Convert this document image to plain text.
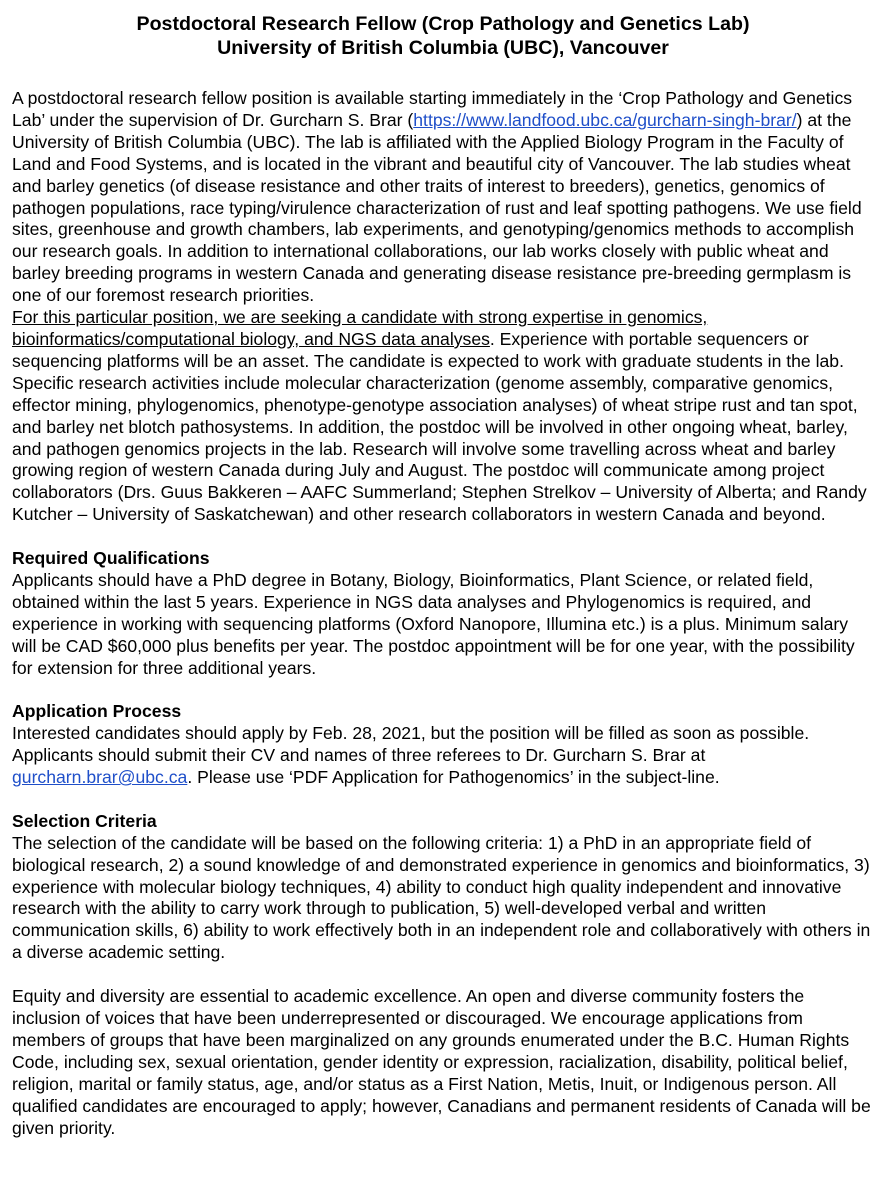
Postdoctoral Research Fellow (Crop Pathology and Genetics Lab)

University of British Columbia (UBC), Vancouver

A postdoctoral research fellow position is available starting immediately in the ‘Crop Pathology and Genetics Lab’ under the supervision of Dr. Gurcharn S. Brar (https://www.landfood.ubc.ca/gurcharn-singh-brar/) at the University of British Columbia (UBC). The lab is affiliated with the Applied Biology Program in the Faculty of Land and Food Systems, and is located in the vibrant and beautiful city of Vancouver. The lab studies wheat and barley genetics (of disease resistance and other traits of interest to breeders), genetics, genomics of pathogen populations, race typing/virulence characterization of rust and leaf spotting pathogens. We use field sites, greenhouse and growth chambers, lab experiments, and genotyping/genomics methods to accomplish our research goals. In addition to international collaborations, our lab works closely with public wheat and barley breeding programs in western Canada and generating disease resistance pre-breeding germplasm is one of our foremost research priorities.

For this particular position, we are seeking a candidate with strong expertise in genomics, bioinformatics/computational biology, and NGS data analyses. Experience with portable sequencers or sequencing platforms will be an asset. The candidate is expected to work with graduate students in the lab. Specific research activities include molecular characterization (genome assembly, comparative genomics, effector mining, phylogenomics, phenotype-genotype association analyses) of wheat stripe rust and tan spot, and barley net blotch pathosystems. In addition, the postdoc will be involved in other ongoing wheat, barley, and pathogen genomics projects in the lab. Research will involve some travelling across wheat and barley growing region of western Canada during July and August. The postdoc will communicate among project collaborators (Drs. Guus Bakkeren – AAFC Summerland; Stephen Strelkov – University of Alberta; and Randy Kutcher – University of Saskatchewan) and other research collaborators in western Canada and beyond.

Required Qualifications

Applicants should have a PhD degree in Botany, Biology, Bioinformatics, Plant Science, or related field, obtained within the last 5 years. Experience in NGS data analyses and Phylogenomics is required, and experience in working with sequencing platforms (Oxford Nanopore, Illumina etc.) is a plus. Minimum salary will be CAD $60,000 plus benefits per year. The postdoc appointment will be for one year, with the possibility for extension for three additional years.

Application Process

Interested candidates should apply by Feb. 28, 2021, but the position will be filled as soon as possible. Applicants should submit their CV and names of three referees to Dr. Gurcharn S. Brar at gurcharn.brar@ubc.ca. Please use ‘PDF Application for Pathogenomics’ in the subject-line.

Selection Criteria

The selection of the candidate will be based on the following criteria: 1) a PhD in an appropriate field of biological research, 2) a sound knowledge of and demonstrated experience in genomics and bioinformatics, 3) experience with molecular biology techniques, 4) ability to conduct high quality independent and innovative research with the ability to carry work through to publication, 5) well-developed verbal and written communication skills, 6) ability to work effectively both in an independent role and collaboratively with others in a diverse academic setting.

Equity and diversity are essential to academic excellence. An open and diverse community fosters the inclusion of voices that have been underrepresented or discouraged. We encourage applications from members of groups that have been marginalized on any grounds enumerated under the B.C. Human Rights Code, including sex, sexual orientation, gender identity or expression, racialization, disability, political belief, religion, marital or family status, age, and/or status as a First Nation, Metis, Inuit, or Indigenous person. All qualified candidates are encouraged to apply; however, Canadians and permanent residents of Canada will be given priority.
